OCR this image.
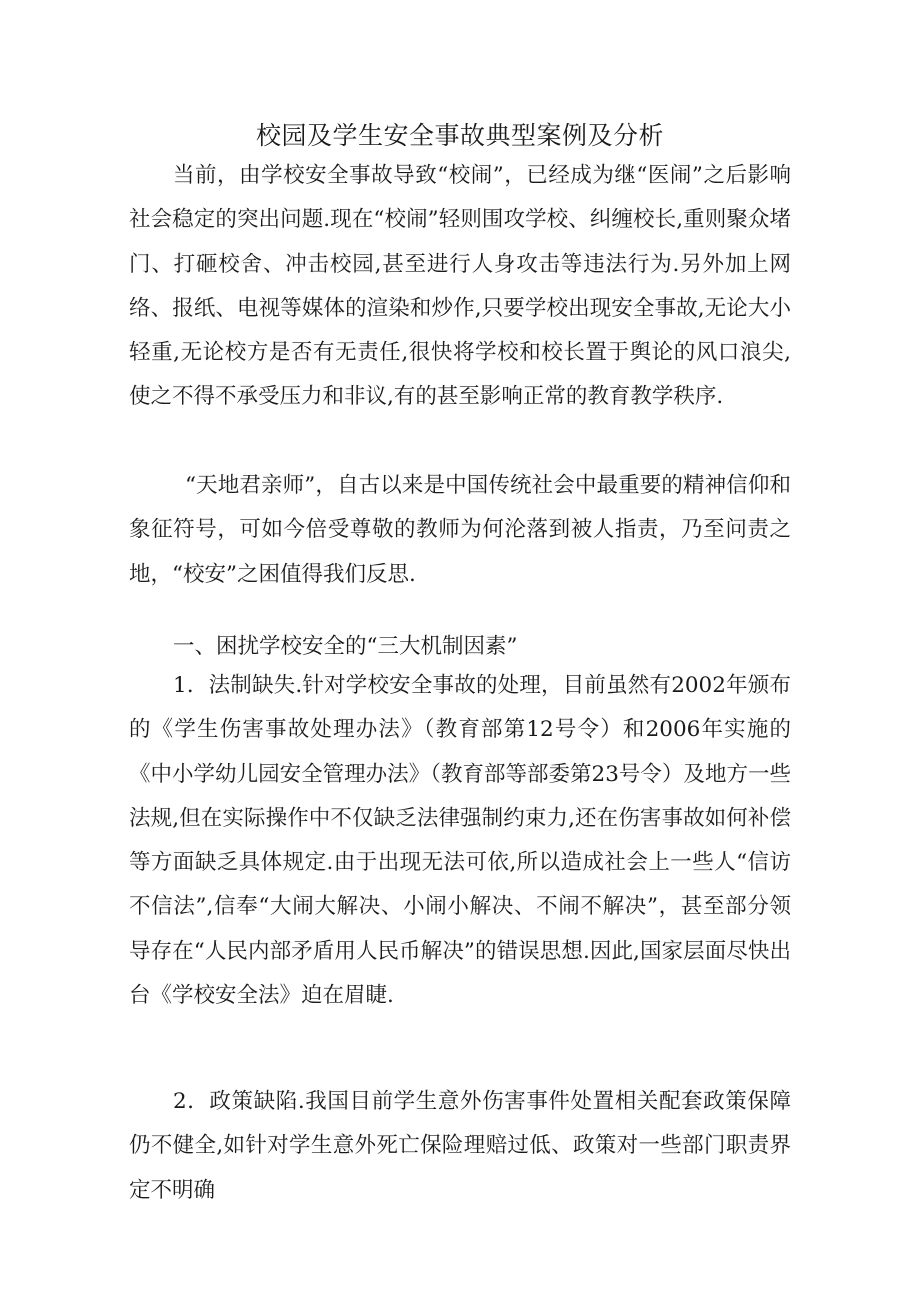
校园及学生安全事故典型案例及分析

当前，由学校安全事故导致“校闹”，已经成为继“医闹”之后影响社会稳定的突出问题.现在“校闹”轻则围攻学校、纠缠校长,重则聚众堵门、打砸校舍、冲击校园,甚至进行人身攻击等违法行为.另外加上网络、报纸、电视等媒体的渲染和炒作,只要学校出现安全事故,无论大小轻重,无论校方是否有无责任,很快将学校和校长置于舆论的风口浪尖,使之不得不承受压力和非议,有的甚至影响正常的教育教学秩序.

“天地君亲师”，自古以来是中国传统社会中最重要的精神信仰和象征符号，可如今倍受尊敬的教师为何沦落到被人指责，乃至问责之地，“校安”之困值得我们反思.

一、困扰学校安全的“三大机制因素”

1．法制缺失.针对学校安全事故的处理，目前虽然有2002年颁布的《学生伤害事故处理办法》（教育部第12号令）和2006年实施的《中小学幼儿园安全管理办法》（教育部等部委第23号令）及地方一些法规,但在实际操作中不仅缺乏法律强制约束力,还在伤害事故如何补偿等方面缺乏具体规定.由于出现无法可依,所以造成社会上一些人“信访不信法”,信奉“大闹大解决、小闹小解决、不闹不解决”，甚至部分领导存在“人民内部矛盾用人民币解决”的错误思想.因此,国家层面尽快出台《学校安全法》迫在眉睫.

2．政策缺陷.我国目前学生意外伤害事件处置相关配套政策保障仍不健全,如针对学生意外死亡保险理赔过低、政策对一些部门职责界定不明确
